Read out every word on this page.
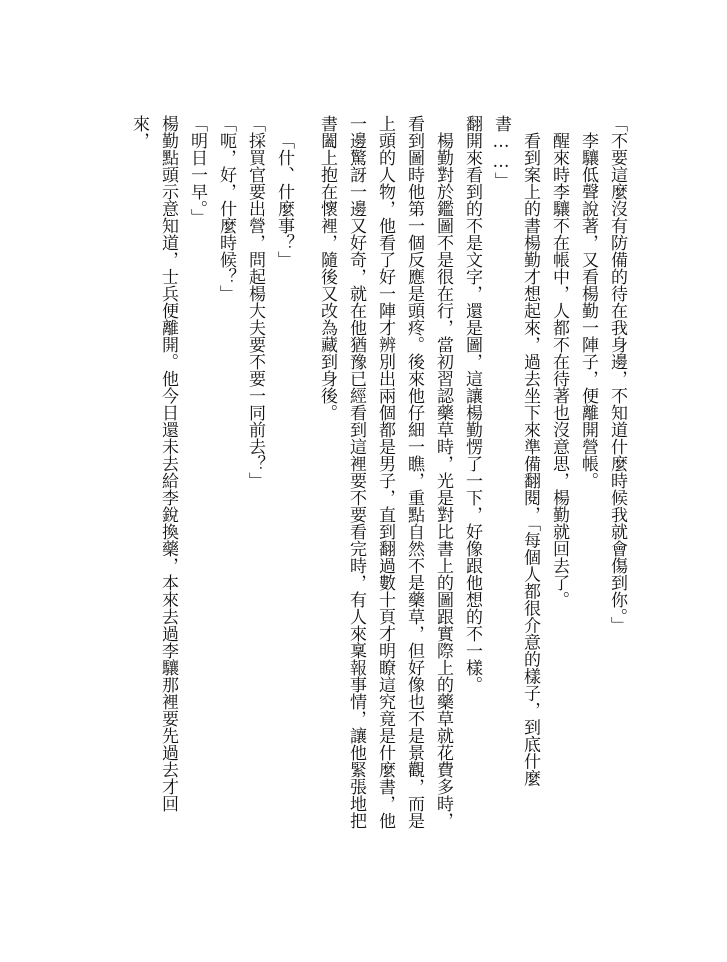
「不要這麼沒有防備的待在我身邊，不知道什麼時候我就會傷到你。」

李驤低聲說著，又看楊勤一陣子，便離開營帳。

醒來時李驤不在帳中，人都不在待著也沒意思，楊勤就回去了。

看到案上的書楊勤才想起來，過去坐下來準備翻閱，「每個人都很介意的樣子，到底什麼書……」

翻開來看到的不是文字，還是圖，這讓楊勤愣了一下，好像跟他想的不一樣。

楊勤對於鑑圖不是很在行，當初習認藥草時，光是對比書上的圖跟實際上的藥草就花費多時，看到圖時他第一個反應是頭疼。後來他仔細一瞧，重點自然不是藥草，但好像也不是景觀，而是上頭的人物，他看了好一陣才辨別出兩個都是男子，直到翻過數十頁才明瞭這究竟是什麼書，他一邊驚訝一邊又好奇，就在他猶豫已經看到這裡要不要看完時，有人來稟報事情，讓他緊張地把書闔上抱在懷裡，隨後又改為藏到身後。

「什、什麼事？」

「採買官要出營，問起楊大夫要不要一同前去？」

「呃，好，什麼時候？」

「明日一早。」

楊勤點頭示意知道，士兵便離開。他今日還未去給李銳換藥，本來去過李驤那裡要先過去才回來，
